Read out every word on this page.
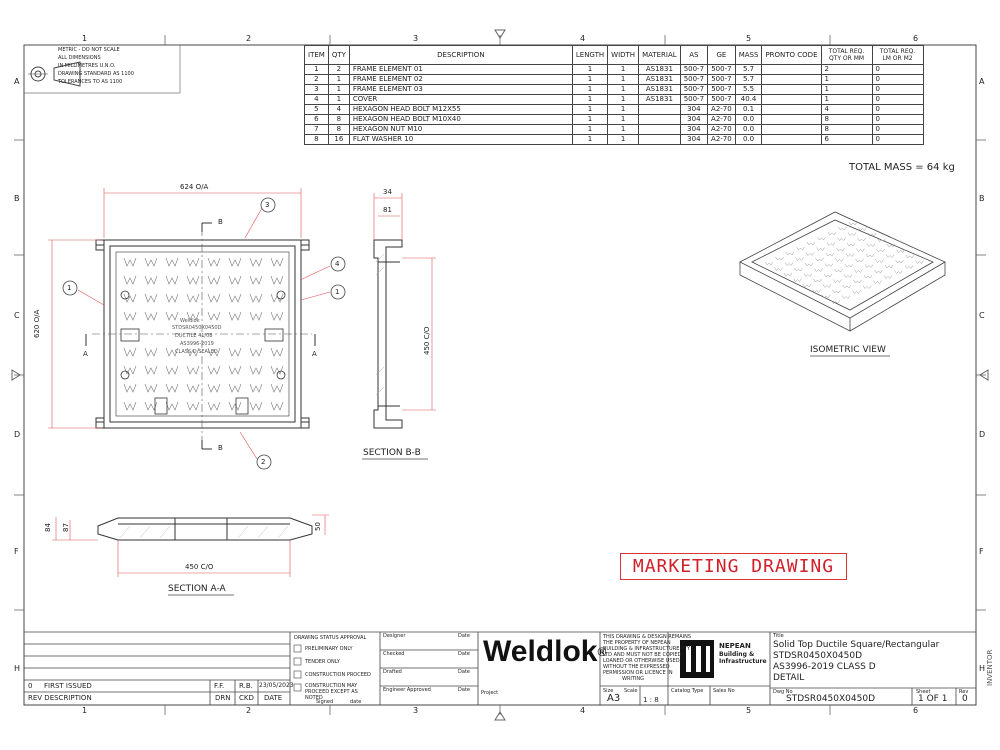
1	2	3	4	5	6
1	2	3	4	5	6
A
B
C
D
F
H
A
B
C
D
F
H
METRIC - DO NOT SCALE
ALL DIMENSIONS
IN MILLIMETRES U.N.O.
DRAWING STANDARD AS 1100
TOLERANCES TO AS 1100
ITEM	QTY	DESCRIPTION	LENGTH	WIDTH	MATERIAL	AS	GE	MASS	PRONTO CODE	TOTAL REQ. QTY OR MM	TOTAL REQ. LM OR M2
1	2	FRAME ELEMENT 01	1	1	AS1831	500-7	500-7	5.7		2	0
2	1	FRAME ELEMENT 02	1	1	AS1831	500-7	500-7	5.7		1	0
3	1	FRAME ELEMENT 03	1	1	AS1831	500-7	500-7	5.5		1	0
4	1	COVER	1	1	AS1831	500-7	500-7	40.4		1	0
5	4	HEXAGON HEAD BOLT M12X55	1	1		304	A2-70	0.1		4	0
6	8	HEXAGON HEAD BOLT M10X40	1	1		304	A2-70	0.0		8	0
7	8	HEXAGON NUT M10	1	1		304	A2-70	0.0		8	0
8	16	FLAT WASHER 10	1	1		304	A2-70	0.0		6	0
TOTAL MASS = 64 kg
624 O/A
620 O/A
1
3
2
4
1
B
B
A	A
Weldlok
STDSR0450X0450D
DUCTILE 41/08
AS3996-2019
CLASS D SEALED
34
81
450 C/O
SECTION B-B
84 87	50
450 C/O
SECTION A-A
ISOMETRIC VIEW
MARKETING DRAWING
DRAWING STATUS APPROVAL
PRELIMINARY ONLY
TENDER ONLY
CONSTRUCTION PROCEED
CONSTRUCTION MAY PROCEED EXCEPT AS NOTED
Signed	date
0 FIRST ISSUED	F.F. R.B. 23/05/2023
REV DESCRIPTION	DRN CKD DATE
Designer	Date
Checked	Date
Drafted	Date
Engineer Approved	Date Project
Weldlok®
THIS DRAWING & DESIGN REMAINS
THE PROPERTY OF NEPEAN
BUILDING & INFRASTRUCTURE PTY
LTD AND MUST NOT BE COPIED,
LOANED OR OTHERWISE USED
WITHOUT THE EXPRESSED
PERMISSION OR LICENCE IN
WRITING
Size
A3
Scale
1 : 8
Catalog Type Sales No
NEPEAN
Building &
Infrastructure
Title
Solid Top Ductile Square/Rectangular
STDSR0450X0450D
AS3996-2019 CLASS D
DETAIL
Dwg No
STDSR0450X0450D
Sheet
1 OF 1
Rev
0
INVENTOR
